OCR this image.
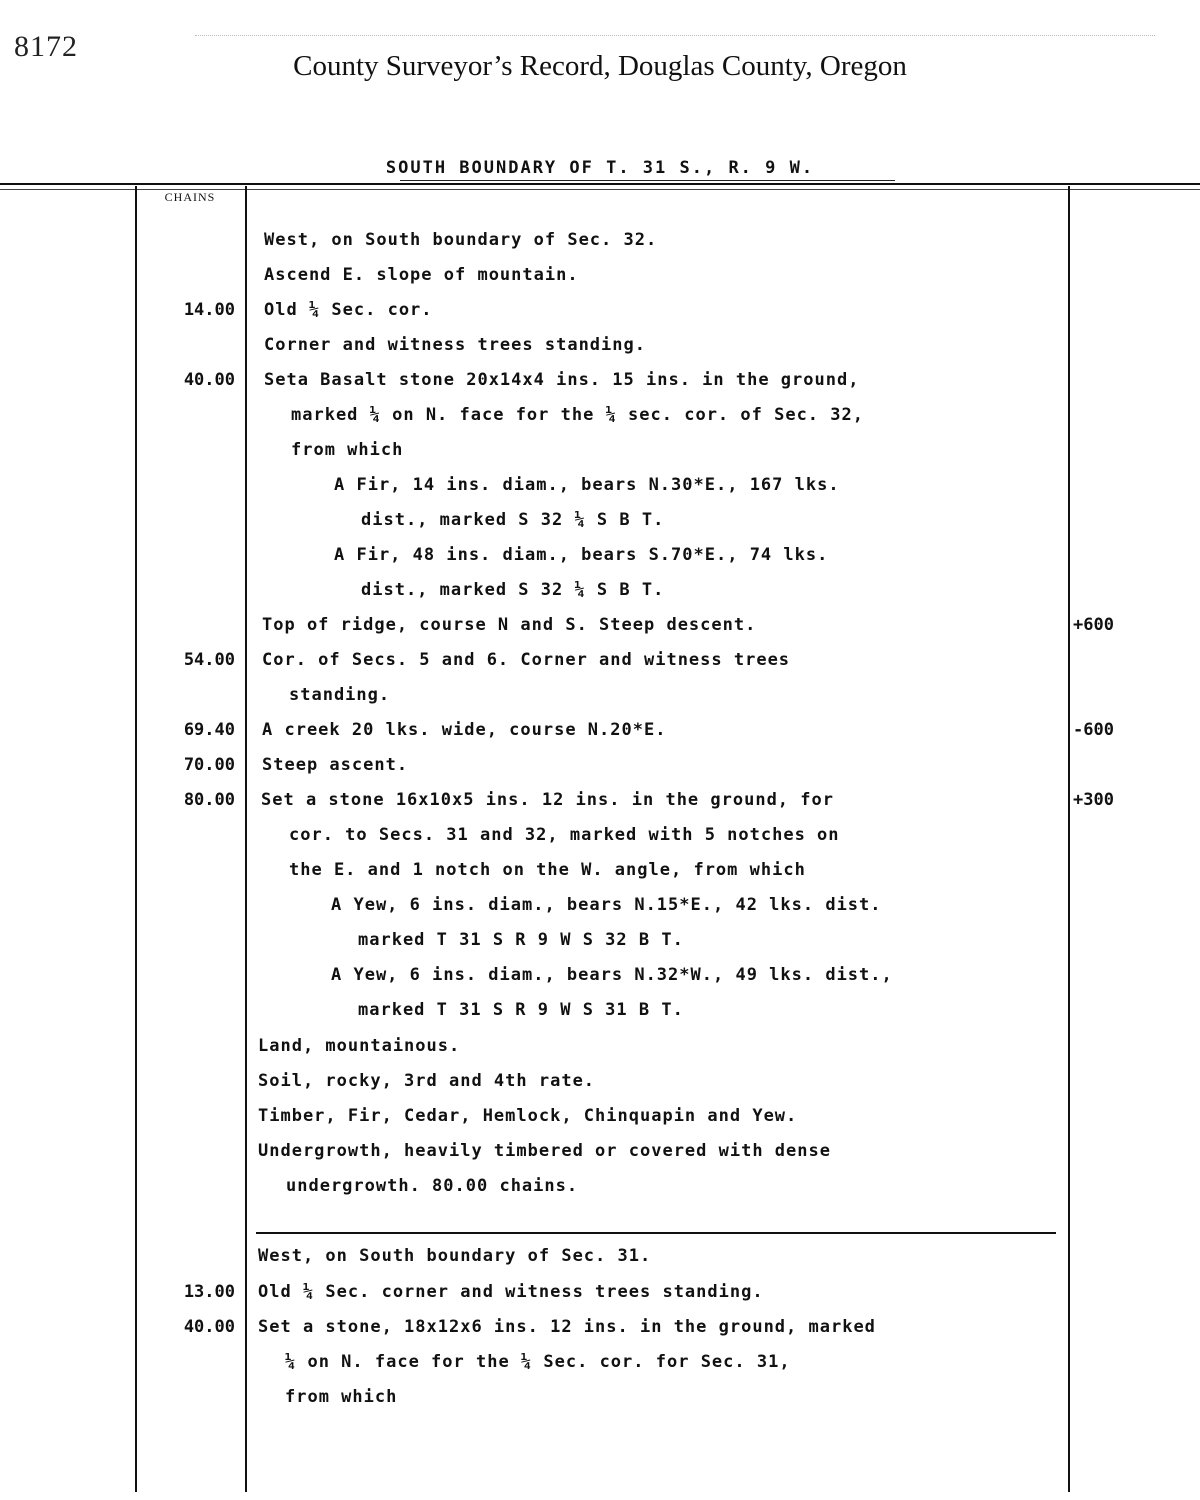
8172
County Surveyor’s Record, Douglas County, Oregon
SOUTH BOUNDARY OF T. 31 S., R. 9 W.
CHAINS
West, on South boundary of Sec. 32.
Ascend E. slope of mountain.
14.00 Old ¼ Sec. cor.
Corner and witness trees standing.
40.00 Seta Basalt stone 20x14x4 ins. 15 ins. in the ground,
marked ¼ on N. face for the ¼ sec. cor. of Sec. 32,
from which
A Fir, 14 ins. diam., bears N.30*E., 167 lks.
dist., marked S 32 ¼ S B T.
A Fir, 48 ins. diam., bears S.70*E., 74 lks.
dist., marked S 32 ¼ S B T.
Top of ridge, course N and S. Steep descent.	+600
54.00 Cor. of Secs. 5 and 6. Corner and witness trees
standing.
69.40 A creek 20 lks. wide, course N.20*E.	-600
70.00 Steep ascent.
80.00 Set a stone 16x10x5 ins. 12 ins. in the ground, for	+300
cor. to Secs. 31 and 32, marked with 5 notches on
the E. and 1 notch on the W. angle, from which
A Yew, 6 ins. diam., bears N.15*E., 42 lks. dist.
marked T 31 S R 9 W S 32 B T.
A Yew, 6 ins. diam., bears N.32*W., 49 lks. dist.,
marked T 31 S R 9 W S 31 B T.
Land, mountainous.
Soil, rocky, 3rd and 4th rate.
Timber, Fir, Cedar, Hemlock, Chinquapin and Yew.
Undergrowth, heavily timbered or covered with dense
undergrowth. 80.00 chains.
West, on South boundary of Sec. 31.
13.00 Old ¼ Sec. corner and witness trees standing.
40.00 Set a stone, 18x12x6 ins. 12 ins. in the ground, marked
¼ on N. face for the ¼ Sec. cor. for Sec. 31,
from which
